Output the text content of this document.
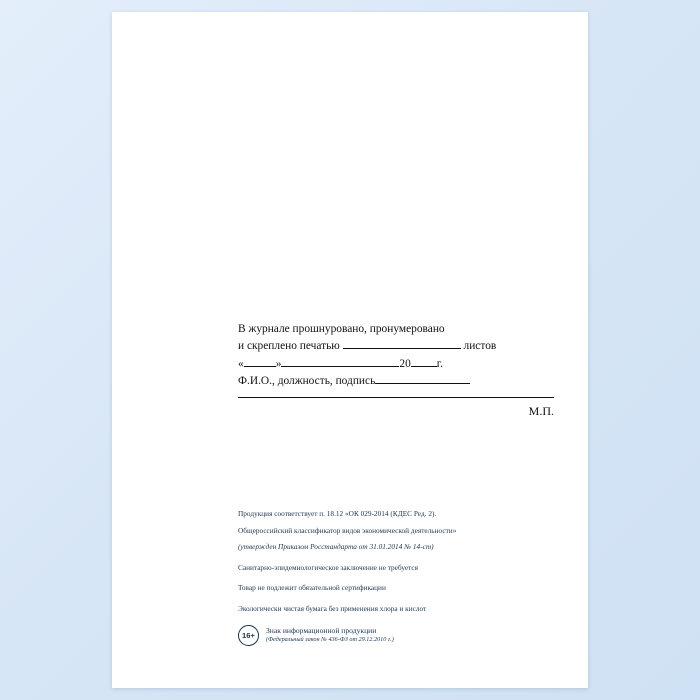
В журнале прошнуровано, пронумеровано
и скреплено печатью	листов
«	»	20 г.
Ф.И.О., должность, подпись
М.П.
Продукция соответствует п. 18.12 «ОК 029-2014 (КДЕС Ред. 2).
Общероссийский классификатор видов экономической деятельности»
(утвержден Приказом Росстандарта от 31.01.2014 № 14-ст)
Санитарно-эпидемиологическое заключение не требуется
Товар не подлежит обязательной сертификации
Экологически чистая бумага без применения хлора и кислот
16+
Знак информационной продукции
(Федеральный закон № 436-ФЗ от 29.12.2010 г.)
